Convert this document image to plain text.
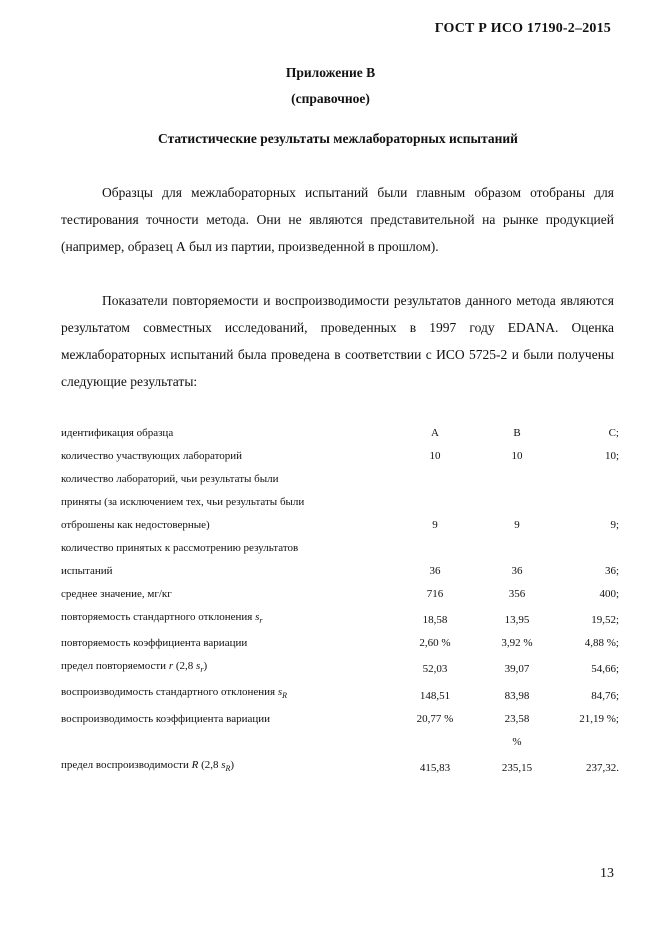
ГОСТ Р ИСО 17190-2–2015
Приложение В
(справочное)
Статистические результаты межлабораторных испытаний

Образцы для межлабораторных испытаний были главным образом отобраны для тестирования точности метода. Они не являются представительной на рынке продукцией (например, образец А был из партии, произведенной в прошлом).

Показатели повторяемости и воспроизводимости результатов данного метода являются результатом совместных исследований, проведенных в 1997 году EDANA. Оценка межлабораторных испытаний была проведена в соответствии с ИСО 5725-2 и были получены следующие результаты:

идентификация образца	A	B	C;
количество участвующих лабораторий	10	10	10;
количество лабораторий, чьи результаты были			
приняты (за исключением тех, чьи результаты были			
отброшены как недостоверные)	9	9	9;
количество принятых к рассмотрению результатов			
испытаний	36	36	36;
среднее значение, мг/кг	716	356	400;
повторяемость стандартного отклонения $s_r$	18,58	13,95	19,52;
повторяемость коэффициента вариации	2,60 %	3,92 %	4,88 %;
предел повторяемости r (2,8 $s_r$)	52,03	39,07	54,66;
воспроизводимость стандартного отклонения $s_R$	148,51	83,98	84,76;
воспроизводимость коэффициента вариации	20,77 %	23,58	21,19 %;
		%	
предел воспроизводимости R (2,8 $s_R$)	415,83	235,15	237,32.
13
